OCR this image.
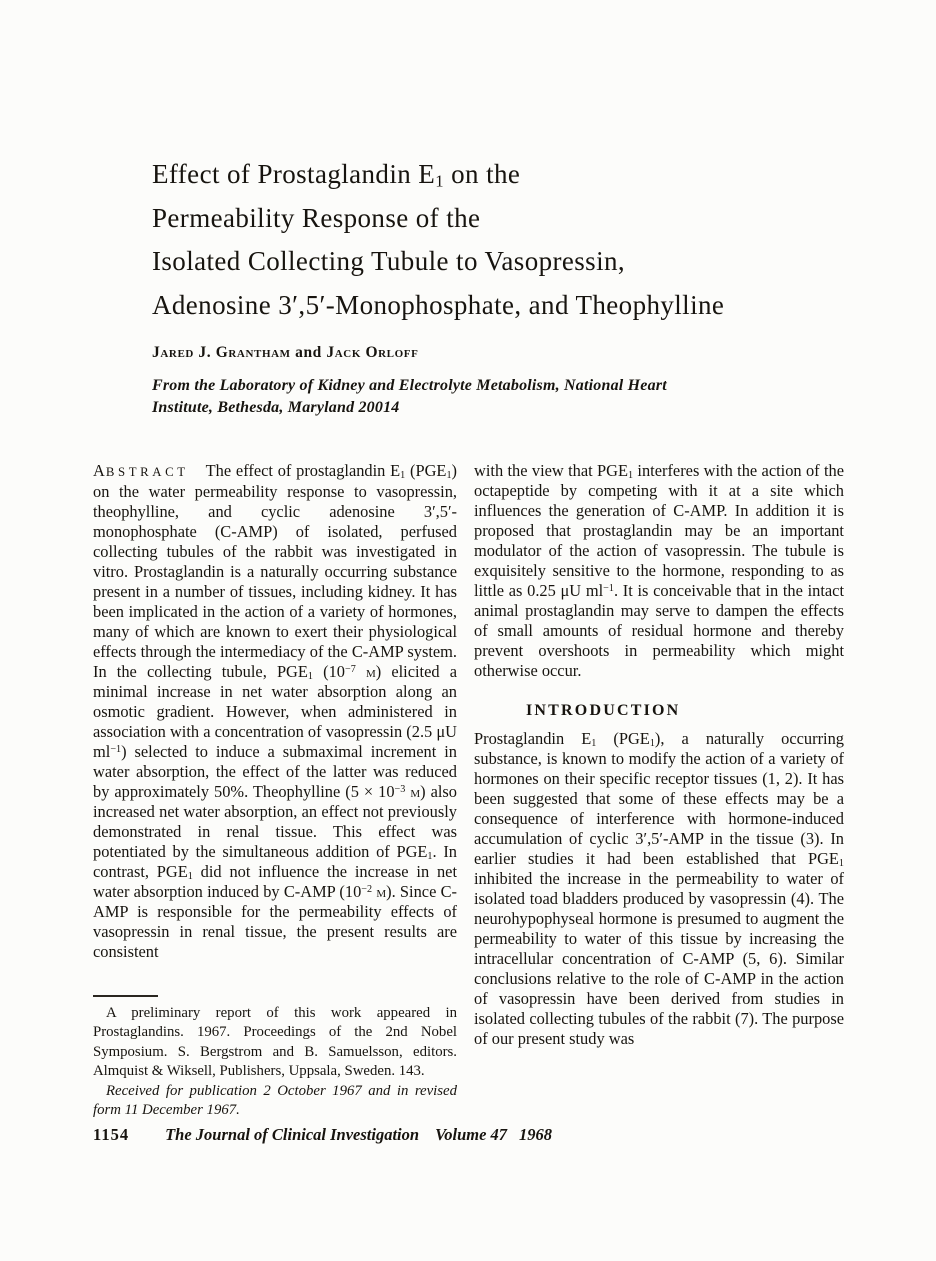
Effect of Prostaglandin $E_1$ on the
Permeability Response of the
Isolated Collecting Tubule to Vasopressin,
Adenosine 3′,5′-Monophosphate, and Theophylline
Jared J. Grantham and Jack Orloff
From the Laboratory of Kidney and Electrolyte Metabolism, National Heart
Institute, Bethesda, Maryland 20014

ABSTRACT The effect of prostaglandin $E_1$ $(PGE_1)$ on the water permeability response to vasopressin, theophylline, and cyclic adenosine 3′,5′-monophosphate (C-AMP) of isolated, perfused collecting tubules of the rabbit was investigated in vitro. Prostaglandin is a naturally occurring substance present in a number of tissues, including kidney. It has been implicated in the action of a variety of hormones, many of which are known to exert their physiological effects through the intermediacy of the C-AMP system. In the collecting tubule, $PGE_1$ ($10^{-7}$ m) elicited a minimal increase in net water absorption along an osmotic gradient. However, when administered in association with a concentration of vasopressin (2.5 μU $ml^{-1}$) selected to induce a submaximal increment in water absorption, the effect of the latter was reduced by approximately 50%. Theophylline ($5 \times 10^{-3}$ m) also increased net water absorption, an effect not previously demonstrated in renal tissue. This effect was potentiated by the simultaneous addition of $PGE_1$. In contrast, $PGE_1$ did not influence the increase in net water absorption induced by C-AMP ($10^{-2}$ m). Since C-AMP is responsible for the permeability effects of vasopressin in renal tissue, the present results are consistent

A preliminary report of this work appeared in Prostaglandins. 1967. Proceedings of the 2nd Nobel Symposium. S. Bergstrom and B. Samuelsson, editors. Almquist & Wiksell, Publishers, Uppsala, Sweden. 143.

Received for publication 2 October 1967 and in revised form 11 December 1967.

with the view that $PGE_1$ interferes with the action of the octapeptide by competing with it at a site which influences the generation of C-AMP. In addition it is proposed that prostaglandin may be an important modulator of the action of vasopressin. The tubule is exquisitely sensitive to the hormone, responding to as little as 0.25 μU $ml^{-1}$. It is conceivable that in the intact animal prostaglandin may serve to dampen the effects of small amounts of residual hormone and thereby prevent overshoots in permeability which might otherwise occur.

INTRODUCTION

Prostaglandin $E_1$ $(PGE_1)$, a naturally occurring substance, is known to modify the action of a variety of hormones on their specific receptor tissues (1, 2). It has been suggested that some of these effects may be a consequence of interference with hormone-induced accumulation of cyclic 3′,5′-AMP in the tissue (3). In earlier studies it had been established that $PGE_1$ inhibited the increase in the permeability to water of isolated toad bladders produced by vasopressin (4). The neurohypophyseal hormone is presumed to augment the permeability to water of this tissue by increasing the intracellular concentration of C-AMP (5, 6). Similar conclusions relative to the role of C-AMP in the action of vasopressin have been derived from studies in isolated collecting tubules of the rabbit (7). The purpose of our present study was

1154 The Journal of Clinical Investigation Volume 47 1968
